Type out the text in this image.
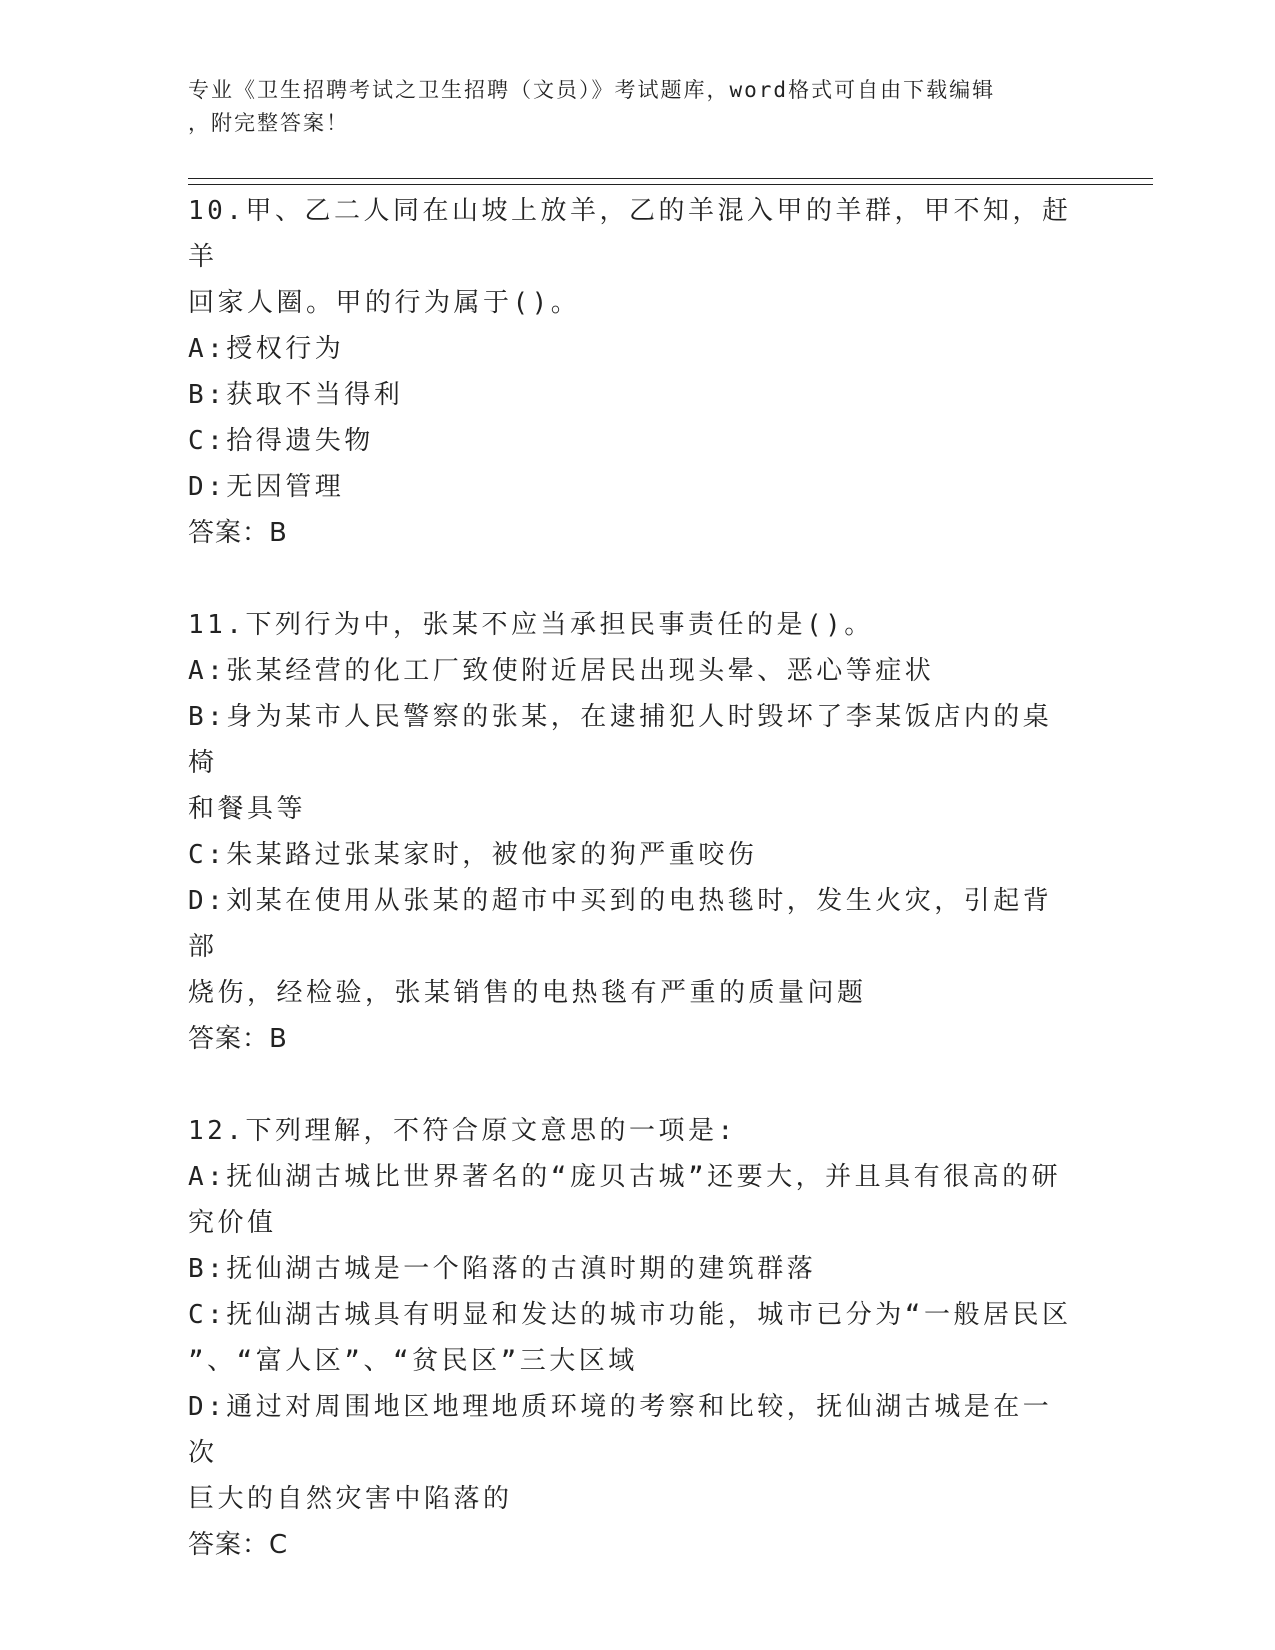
专业《卫生招聘考试之卫生招聘（文员）》考试题库，word格式可自由下载编辑
，附完整答案！

10.甲、乙二人同在山坡上放羊，乙的羊混入甲的羊群，甲不知，赶羊

回家人圈。甲的行为属于()。

A:授权行为

B:获取不当得利

C:拾得遗失物

D:无因管理

答案：B

11.下列行为中，张某不应当承担民事责任的是()。

A:张某经营的化工厂致使附近居民出现头晕、恶心等症状

B:身为某市人民警察的张某，在逮捕犯人时毁坏了李某饭店内的桌椅

和餐具等

C:朱某路过张某家时，被他家的狗严重咬伤

D:刘某在使用从张某的超市中买到的电热毯时，发生火灾，引起背部

烧伤，经检验，张某销售的电热毯有严重的质量问题

答案：B

12.下列理解，不符合原文意思的一项是:

A:抚仙湖古城比世界著名的“庞贝古城”还要大，并且具有很高的研

究价值

B:抚仙湖古城是一个陷落的古滇时期的建筑群落

C:抚仙湖古城具有明显和发达的城市功能，城市已分为“一般居民区

”、“富人区”、“贫民区”三大区域

D:通过对周围地区地理地质环境的考察和比较，抚仙湖古城是在一次

巨大的自然灾害中陷落的

答案：C
